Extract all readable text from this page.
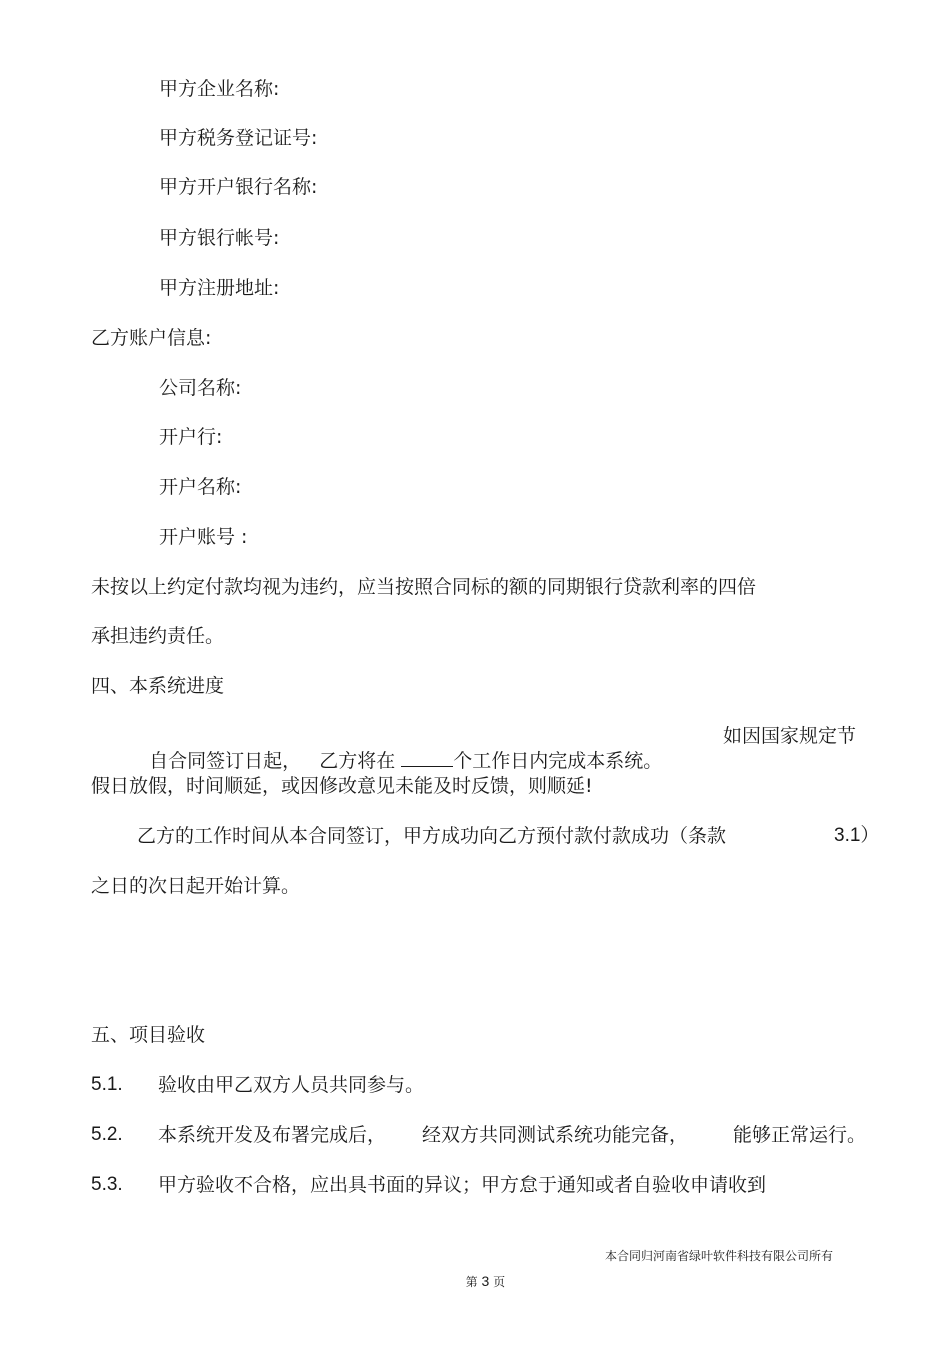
甲方企业名称:
甲方税务登记证号:
甲方开户银行名称:
甲方银行帐号:
甲方注册地址:
乙方账户信息:
公司名称:
开户行:
开户名称:
开户账号 :
未按以上约定付款均视为违约，应当按照合同标的额的同期银行贷款利率的四倍
承担违约责任。
四、本系统进度

自合同签订日起，   乙方将在	个工作日内完成本系统。

如因国家规定节
假日放假，时间顺延，或因修改意见未能及时反馈，则顺延!
乙方的工作时间从本合同签订，甲方成功向乙方预付款付款成功（条款	3.1）
之日的次日起开始计算。
五、项目验收
5.1. 验收由甲乙双方人员共同参与。
5.2. 本系统开发及布署完成后， 经双方共同测试系统功能完备， 能够正常运行。
5.3. 甲方验收不合格，应出具书面的异议；甲方怠于通知或者自验收申请收到

第 3 页

本合同归河南省绿叶软件科技有限公司所有
